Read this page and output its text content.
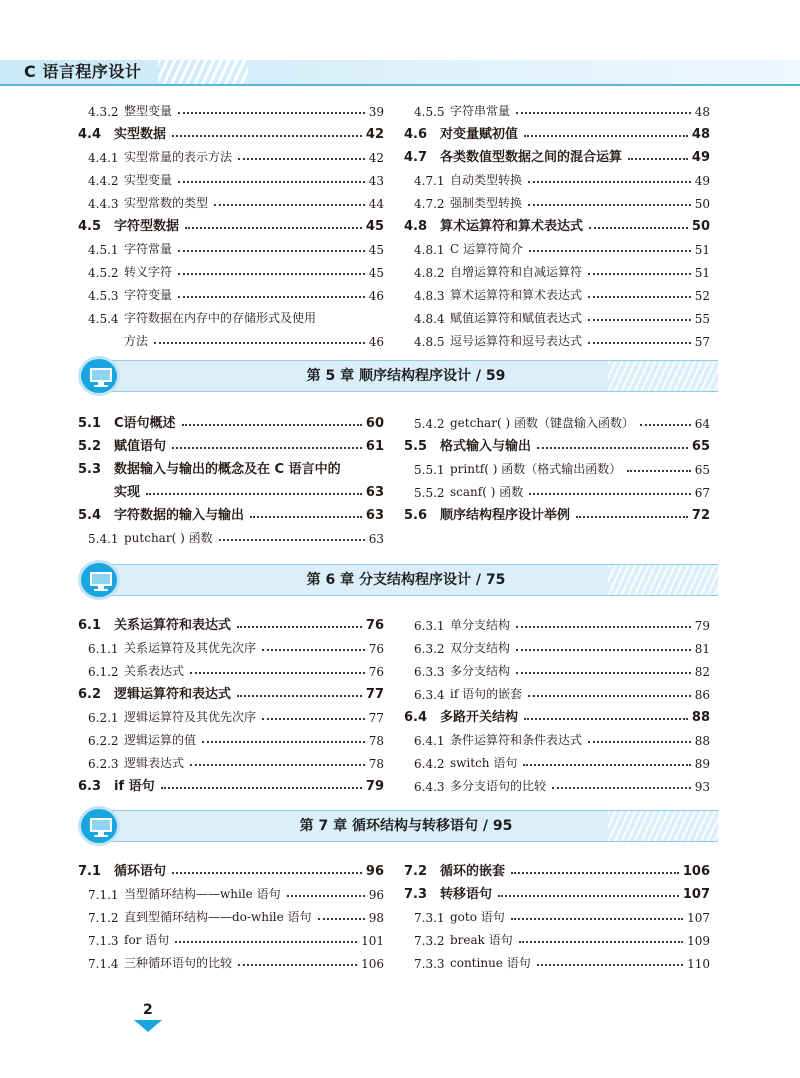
C 语言程序设计
4.3.2 整型变量	39
4.4 实型数据	42
4.4.1 实型常量的表示方法	42
4.4.2 实型变量	43
4.4.3 实型常数的类型	44
4.5 字符型数据	45
4.5.1 字符常量	45
4.5.2 转义字符	45
4.5.3 字符变量	46
4.5.4 字符数据在内存中的存储形式及使用
方法	46
4.5.5 字符串常量	48
4.6 对变量赋初值	48
4.7 各类数值型数据之间的混合运算	49
4.7.1 自动类型转换	49
4.7.2 强制类型转换	50
4.8 算术运算符和算术表达式	50
4.8.1 C 运算符简介	51
4.8.2 自增运算符和自减运算符	51
4.8.3 算术运算符和算术表达式	52
4.8.4 赋值运算符和赋值表达式	55
4.8.5 逗号运算符和逗号表达式	57
第 5 章 顺序结构程序设计 / 59
5.1 C语句概述	60
5.2 赋值语句	61
5.3 数据输入与输出的概念及在 C 语言中的
实现	63
5.4 字符数据的输入与输出	63
5.4.1 putchar( ) 函数	63
5.4.2 getchar( ) 函数（键盘输入函数）	64
5.5 格式输入与输出	65
5.5.1 printf( ) 函数（格式输出函数）	65
5.5.2 scanf( ) 函数	67
5.6 顺序结构程序设计举例	72
第 6 章 分支结构程序设计 / 75
6.1 关系运算符和表达式	76
6.1.1 关系运算符及其优先次序	76
6.1.2 关系表达式	76
6.2 逻辑运算符和表达式	77
6.2.1 逻辑运算符及其优先次序	77
6.2.2 逻辑运算的值	78
6.2.3 逻辑表达式	78
6.3 if 语句	79
6.3.1 单分支结构	79
6.3.2 双分支结构	81
6.3.3 多分支结构	82
6.3.4 if 语句的嵌套	86
6.4 多路开关结构	88
6.4.1 条件运算符和条件表达式	88
6.4.2 switch 语句	89
6.4.3 多分支语句的比较	93
第 7 章 循环结构与转移语句 / 95
7.1 循环语句	96
7.1.1 当型循环结构——while 语句	96
7.1.2 直到型循环结构——do-while 语句	98
7.1.3 for 语句	101
7.1.4 三种循环语句的比较	106
7.2 循环的嵌套	106
7.3 转移语句	107
7.3.1 goto 语句	107
7.3.2 break 语句	109
7.3.3 continue 语句	110
2
